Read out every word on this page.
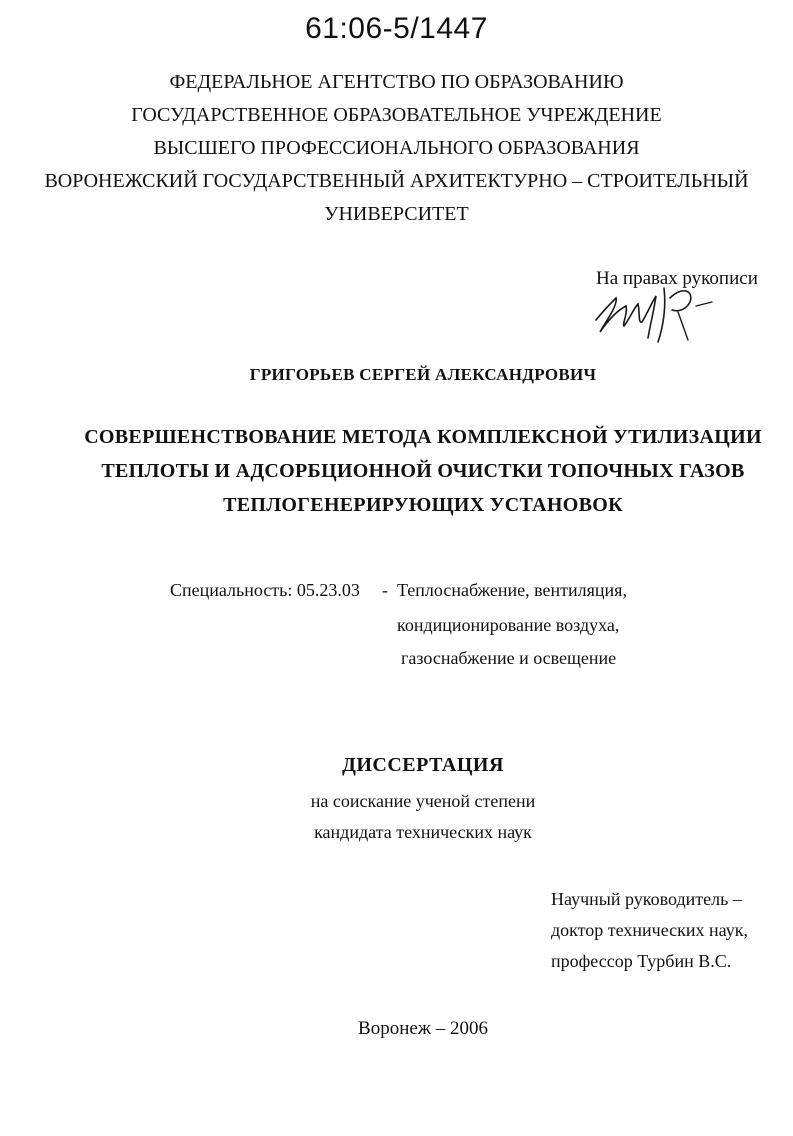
61:06-5/1447
ФЕДЕРАЛЬНОЕ АГЕНТСТВО ПО ОБРАЗОВАНИЮ
ГОСУДАРСТВЕННОЕ ОБРАЗОВАТЕЛЬНОЕ УЧРЕЖДЕНИЕ
ВЫСШЕГО ПРОФЕССИОНАЛЬНОГО ОБРАЗОВАНИЯ
ВОРОНЕЖСКИЙ ГОСУДАРСТВЕННЫЙ АРХИТЕКТУРНО – СТРОИТЕЛЬНЫЙ
УНИВЕРСИТЕТ
На правах рукописи
ГРИГОРЬЕВ СЕРГЕЙ АЛЕКСАНДРОВИЧ
СОВЕРШЕНСТВОВАНИЕ МЕТОДА КОМПЛЕКСНОЙ УТИЛИЗАЦИИ
ТЕПЛОТЫ И АДСОРБЦИОННОЙ ОЧИСТКИ ТОПОЧНЫХ ГАЗОВ
ТЕПЛОГЕНЕРИРУЮЩИХ УСТАНОВОК
Специальность: 05.23.03 - Теплоснабжение, вентиляция,
кондиционирование воздуха,
газоснабжение и освещение
ДИССЕРТАЦИЯ
на соискание ученой степени
кандидата технических наук
Научный руководитель –
доктор технических наук,
профессор Турбин В.С.
Воронеж – 2006
